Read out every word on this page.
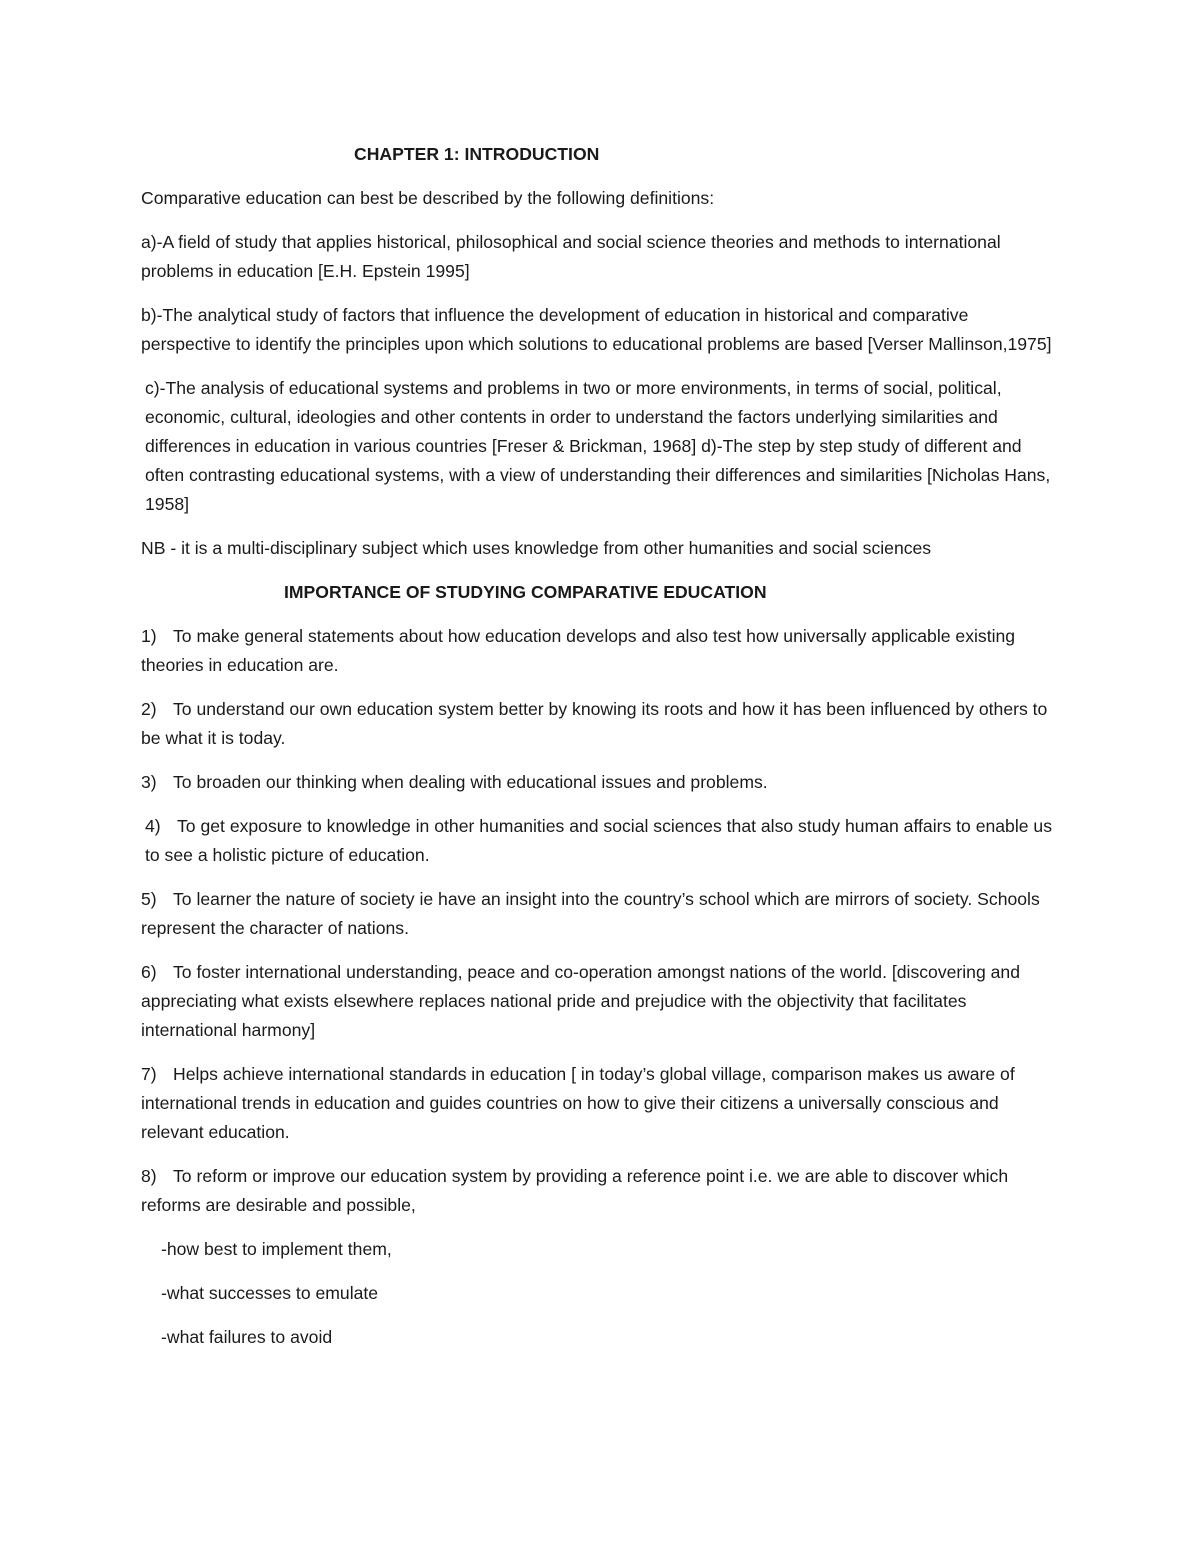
CHAPTER 1: INTRODUCTION
Comparative education can best be described by the following definitions:
a)-A field of study that applies historical, philosophical and social science theories and methods to international problems in education [E.H. Epstein 1995]
b)-The analytical study of factors that influence the development of education in historical and comparative perspective to identify the principles upon which solutions to educational problems are based [Verser Mallinson,1975]
c)-The analysis of educational systems and problems in two or more environments, in terms of social, political, economic, cultural, ideologies and other contents in order to understand the factors underlying similarities and differences in education in various countries [Freser & Brickman, 1968] d)-The step by step study of different and often contrasting educational systems, with a view of understanding their differences and similarities [Nicholas Hans, 1958]
NB - it is a multi-disciplinary subject which uses knowledge from other humanities and social sciences
IMPORTANCE OF STUDYING COMPARATIVE EDUCATION
1) To make general statements about how education develops and also test how universally applicable existing theories in education are.
2) To understand our own education system better by knowing its roots and how it has been influenced by others to be what it is today.
3) To broaden our thinking when dealing with educational issues and problems.
4) To get exposure to knowledge in other humanities and social sciences that also study human affairs to enable us to see a holistic picture of education.
5) To learner the nature of society ie have an insight into the country’s school which are mirrors of society. Schools represent the character of nations.
6) To foster international understanding, peace and co-operation amongst nations of the world. [discovering and appreciating what exists elsewhere replaces national pride and prejudice with the objectivity that facilitates international harmony]
7) Helps achieve international standards in education [ in today’s global village, comparison makes us aware of international trends in education and guides countries on how to give their citizens a universally conscious and relevant education.
8) To reform or improve our education system by providing a reference point i.e. we are able to discover which reforms are desirable and possible,
-how best to implement them,
-what successes to emulate
-what failures to avoid
